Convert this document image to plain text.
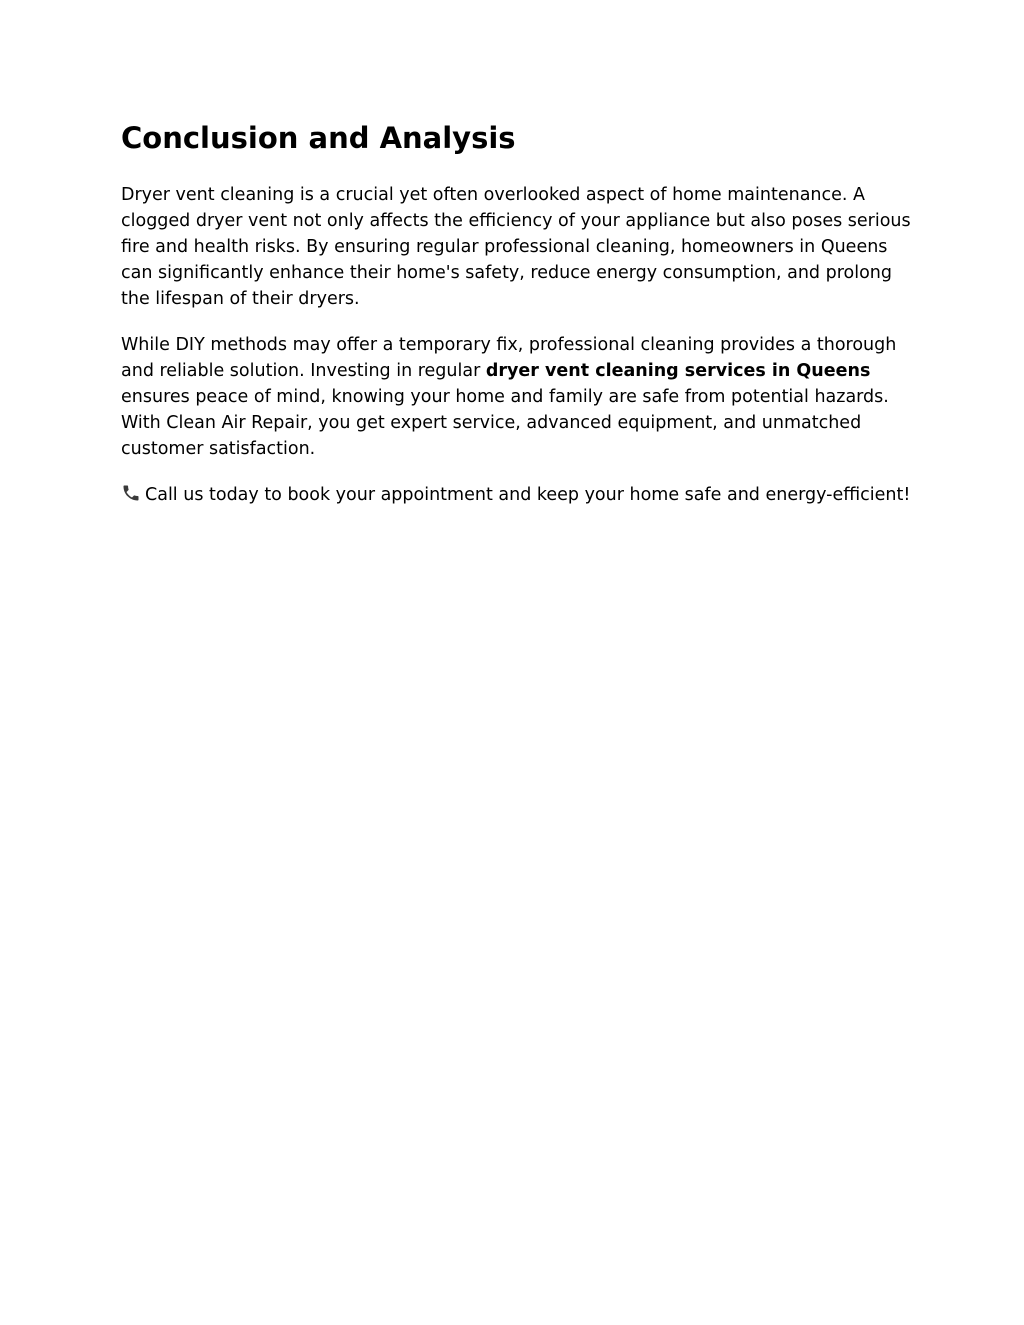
Conclusion and Analysis

Dryer vent cleaning is a crucial yet often overlooked aspect of home maintenance. A clogged dryer vent not only affects the efficiency of your appliance but also poses serious fire and health risks. By ensuring regular professional cleaning, homeowners in Queens can significantly enhance their home's safety, reduce energy consumption, and prolong the lifespan of their dryers.

While DIY methods may offer a temporary fix, professional cleaning provides a thorough and reliable solution. Investing in regular dryer vent cleaning services in Queens ensures peace of mind, knowing your home and family are safe from potential hazards. With Clean Air Repair, you get expert service, advanced equipment, and unmatched customer satisfaction.

Call us today to book your appointment and keep your home safe and energy-efficient!
